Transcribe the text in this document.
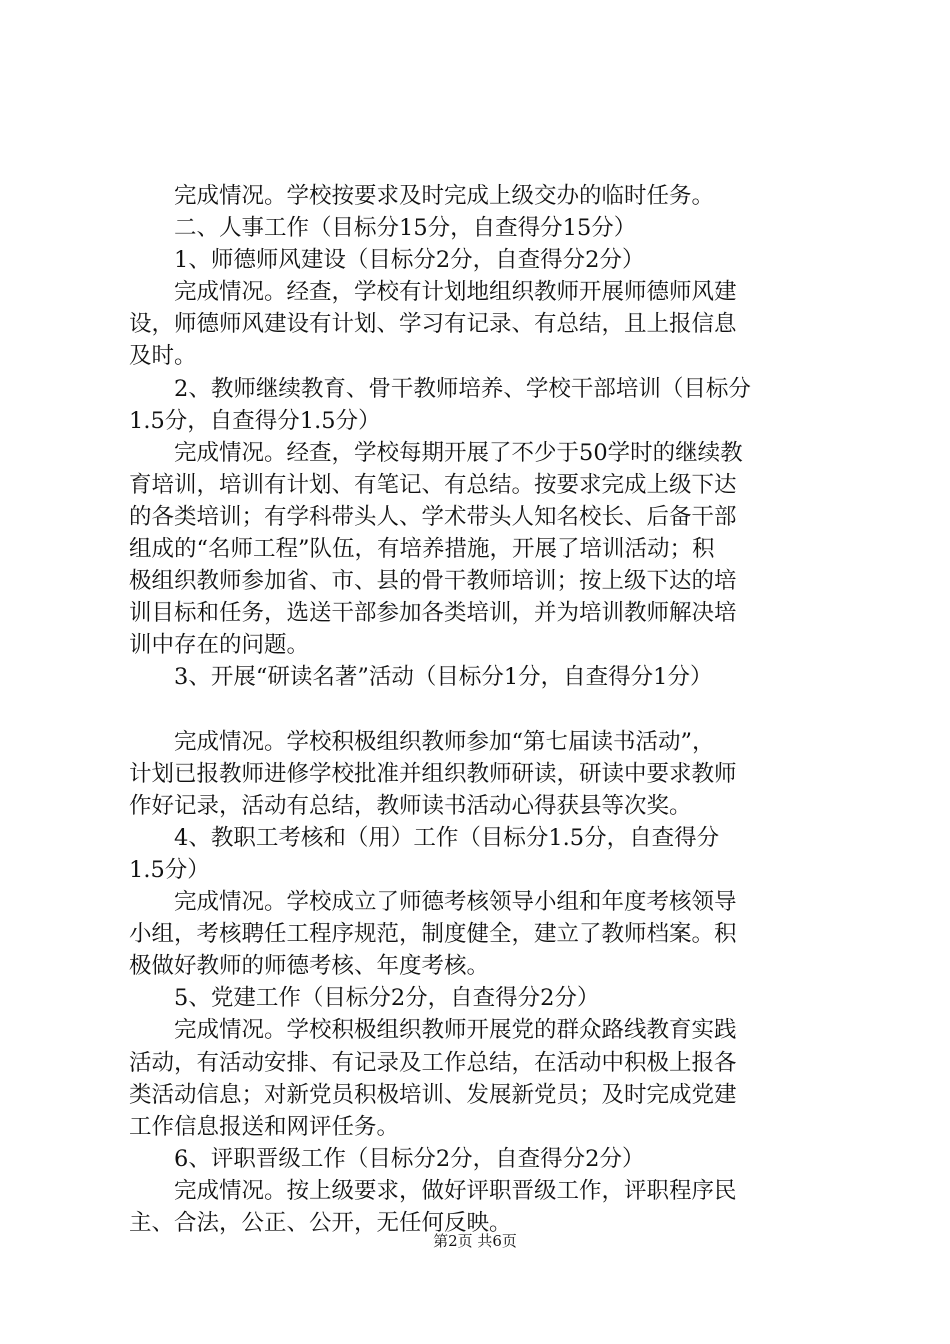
　　完成情况。学校按要求及时完成上级交办的临时任务。
　　二、人事工作（目标分15分，自查得分15分）
　　1、师德师风建设（目标分2分，自查得分2分）
　　完成情况。经查，学校有计划地组织教师开展师德师风建
设，师德师风建设有计划、学习有记录、有总结，且上报信息
及时。
　　2、教师继续教育、骨干教师培养、学校干部培训（目标分
1.5分，自查得分1.5分）
　　完成情况。经查，学校每期开展了不少于50学时的继续教
育培训，培训有计划、有笔记、有总结。按要求完成上级下达
的各类培训；有学科带头人、学术带头人知名校长、后备干部
组成的“名师工程”队伍，有培养措施，开展了培训活动；积
极组织教师参加省、市、县的骨干教师培训；按上级下达的培
训目标和任务，选送干部参加各类培训，并为培训教师解决培
训中存在的问题。
　　3、开展“研读名著”活动（目标分1分，自查得分1分）
　　完成情况。学校积极组织教师参加“第七届读书活动”，
计划已报教师进修学校批准并组织教师研读，研读中要求教师
作好记录，活动有总结，教师读书活动心得获县等次奖。
　　4、教职工考核和（用）工作（目标分1.5分，自查得分
1.5分）
　　完成情况。学校成立了师德考核领导小组和年度考核领导
小组，考核聘任工程序规范，制度健全，建立了教师档案。积
极做好教师的师德考核、年度考核。
　　5、党建工作（目标分2分，自查得分2分）
　　完成情况。学校积极组织教师开展党的群众路线教育实践
活动，有活动安排、有记录及工作总结，在活动中积极上报各
类活动信息；对新党员积极培训、发展新党员；及时完成党建
工作信息报送和网评任务。
　　6、评职晋级工作（目标分2分，自查得分2分）
　　完成情况。按上级要求，做好评职晋级工作，评职程序民
主、合法，公正、公开，无任何反映。
第2页 共6页
